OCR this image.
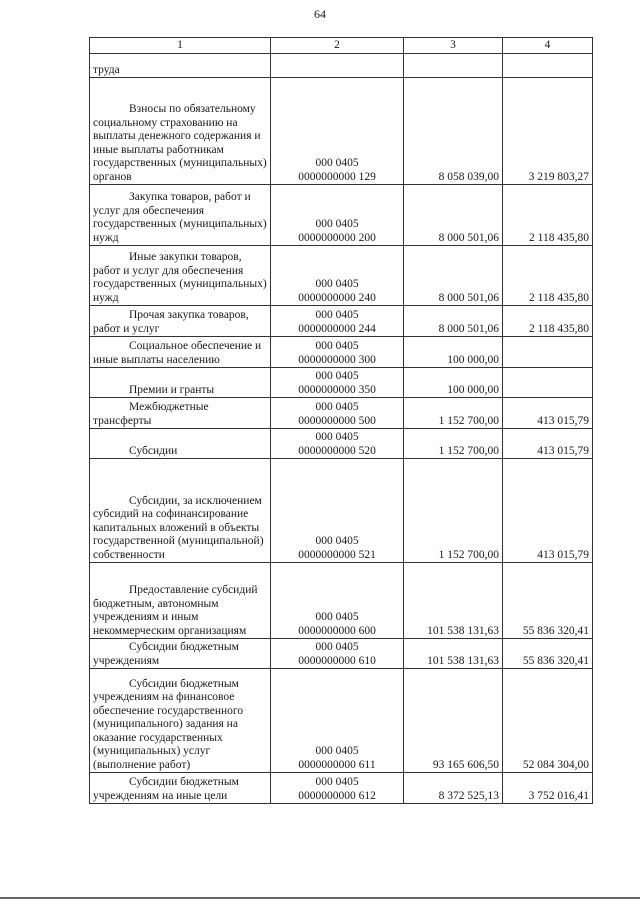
64
1	2	3	4
труда	

Взносы по обязательному социальному страхованию на выплаты денежного содержания и иные выплаты работникам государственных (муниципальных) органов	000 0405
0000000000 129	8 058 039,00	3 219 803,27

Закупка товаров, работ и услуг для обеспечения государственных (муниципальных) нужд	000 0405
0000000000 200	8 000 501,06	2 118 435,80

Иные закупки товаров, работ и услуг для обеспечения государственных (муниципальных) нужд	000 0405
0000000000 240	8 000 501,06	2 118 435,80

Прочая закупка товаров, работ и услуг	000 0405
0000000000 244	8 000 501,06	2 118 435,80

Социальное обеспечение и иные выплаты населению	000 0405
0000000000 300	100 000,00	

Премии и гранты	000 0405
0000000000 350	100 000,00	

Межбюджетные трансферты	000 0405
0000000000 500	1 152 700,00	413 015,79

Субсидии	000 0405
0000000000 520	1 152 700,00	413 015,79

Субсидии, за исключением субсидий на софинансирование капитальных вложений в объекты государственной (муниципальной) собственности	000 0405
0000000000 521	1 152 700,00	413 015,79

Предоставление субсидий бюджетным, автономным учреждениям и иным некоммерческим организациям	000 0405
0000000000 600	101 538 131,63	55 836 320,41

Субсидии бюджетным учреждениям	000 0405
0000000000 610	101 538 131,63	55 836 320,41

Субсидии бюджетным учреждениям на финансовое обеспечение государственного (муниципального) задания на оказание государственных (муниципальных) услуг (выполнение работ)	000 0405
0000000000 611	93 165 606,50	52 084 304,00

Субсидии бюджетным учреждениям на иные цели	000 0405
0000000000 612	8 372 525,13	3 752 016,41
